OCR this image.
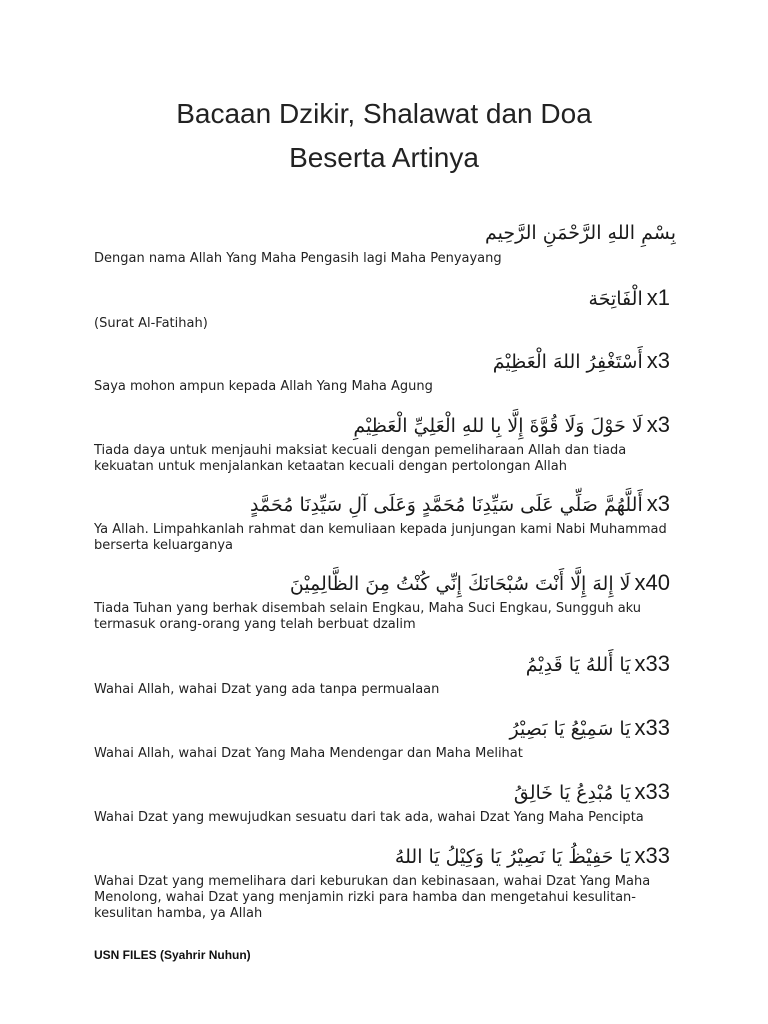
Bacaan Dzikir, Shalawat dan Doa
Beserta Artinya
بِسْمِ اللهِ الرَّحْمَنِ الرَّحِيم
Dengan nama Allah Yang Maha Pengasih lagi Maha Penyayang
x1 الْفَاتِحَة
(Surat Al-Fatihah)
x3 أَسْتَغْفِرُ اللهَ الْعَظِيْمَ
Saya mohon ampun kepada Allah Yang Maha Agung
x3 لَا حَوْلَ وَلَا قُوَّةَ إِلَّا بِا للهِ الْعَلِيِّ الْعَظِيْمِ
Tiada daya untuk menjauhi maksiat kecuali dengan pemeliharaan Allah dan tiada kekuatan untuk menjalankan ketaatan kecuali dengan pertolongan Allah
x3 أَللَّهُمَّ صَلِّي عَلَى سَيِّدِنَا مُحَمَّدٍ وَعَلَى آلِ سَيِّدِنَا مُحَمَّدٍ
Ya Allah. Limpahkanlah rahmat dan kemuliaan kepada junjungan kami Nabi Muhammad berserta keluarganya
x40 لَا إِلهَ إِلَّا أَنْتَ سُبْحَانَكَ إِنِّي كُنْتُ مِنَ الظَّالِمِيْنَ
Tiada Tuhan yang berhak disembah selain Engkau, Maha Suci Engkau, Sungguh aku termasuk orang-orang yang telah berbuat dzalim
x33 يَا أَللهُ يَا قَدِيْمُ
Wahai Allah, wahai Dzat yang ada tanpa permualaan
x33 يَا سَمِيْعُ يَا بَصِيْرُ
Wahai Allah, wahai Dzat Yang Maha Mendengar dan Maha Melihat
x33 يَا مُبْدِعُ يَا خَالِقُ
Wahai Dzat yang mewujudkan sesuatu dari tak ada, wahai Dzat Yang Maha Pencipta
x33 يَا حَفِيْظُ يَا نَصِيْرُ يَا وَكِيْلُ يَا اللهُ
Wahai Dzat yang memelihara dari keburukan dan kebinasaan, wahai Dzat Yang Maha Menolong, wahai Dzat yang menjamin rizki para hamba dan mengetahui kesulitan-kesulitan hamba, ya Allah
USN FILES (Syahrir Nuhun)
